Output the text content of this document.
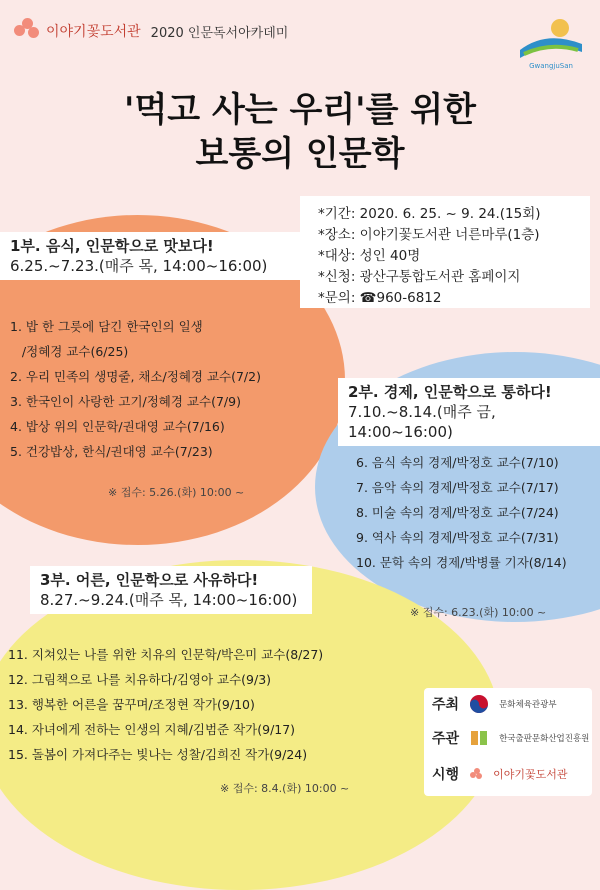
이야기꽃도서관 2020 인문독서아카데미
GwangjuSan
'먹고 사는 우리'를 위한
보통의 인문학
*기간: 2020. 6. 25. ~ 9. 24.(15회)
*장소: 이야기꽃도서관 너른마루(1층)
*대상: 성인 40명
*신청: 광산구통합도서관 홈페이지
*문의: ☎960-6812
1부. 음식, 인문학으로 맛보다!
6.25.~7.23.(매주 목, 14:00~16:00)
1. 밥 한 그릇에 담긴 한국인의 일생
/정혜경 교수(6/25)
2. 우리 민족의 생명줄, 채소/정혜경 교수(7/2)
3. 한국인이 사랑한 고기/정혜경 교수(7/9)
4. 밥상 위의 인문학/권대영 교수(7/16)
5. 건강밥상, 한식/권대영 교수(7/23)
※ 접수: 5.26.(화) 10:00 ~
2부. 경제, 인문학으로 통하다!
7.10.~8.14.(매주 금, 14:00~16:00)
6. 음식 속의 경제/박정호 교수(7/10)
7. 음악 속의 경제/박정호 교수(7/17)
8. 미술 속의 경제/박정호 교수(7/24)
9. 역사 속의 경제/박정호 교수(7/31)
10. 문학 속의 경제/박병률 기자(8/14)
※ 접수: 6.23.(화) 10:00 ~
3부. 어른, 인문학으로 사유하다!
8.27.~9.24.(매주 목, 14:00~16:00)
11. 지쳐있는 나를 위한 치유의 인문학/박은미 교수(8/27)
12. 그림책으로 나를 치유하다/김영아 교수(9/3)
13. 행복한 어른을 꿈꾸며/조정현 작가(9/10)
14. 자녀에게 전하는 인생의 지혜/김범준 작가(9/17)
15. 돌봄이 가져다주는 빛나는 성찰/김희진 작가(9/24)
※ 접수: 8.4.(화) 10:00 ~
주최	문화체육관광부
주관	한국출판문화산업진흥원
시행	이야기꽃도서관
